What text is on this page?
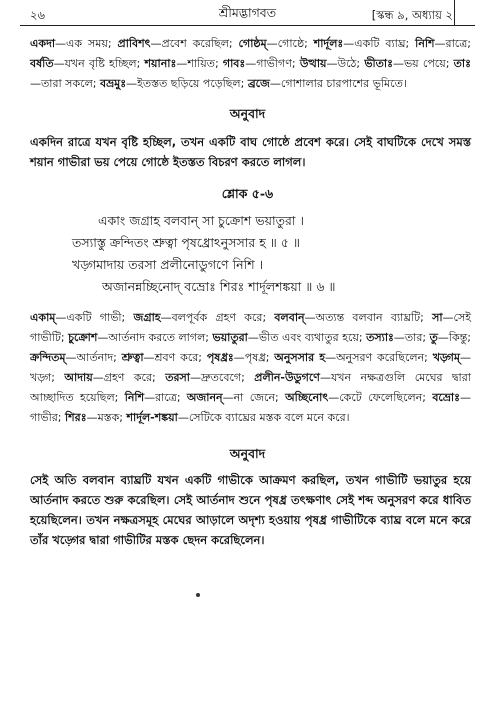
২৬	শ্রীমদ্ভাগবত	[স্কন্ধ ৯, অধ্যায় ২

একদা—এক সময়; প্রাবিশৎ—প্রবেশ করেছিল; গোষ্ঠম্—গোষ্ঠে; শার্দূলঃ—একটি ব্যাঘ্র; নিশি—রাত্রে; বর্ষতি—যখন বৃষ্টি হচ্ছিল; শয়ানাঃ—শায়িত; গাবঃ—গাভীগণ; উত্থায়—উঠে; ভীতাঃ—ভয় পেয়ে; তাঃ—তারা সকলে; বভ্রমুঃ—ইতস্তত ছড়িয়ে পড়েছিল; ব্রজে—গোশালার চারপাশের ভূমিতে।

অনুবাদ

একদিন রাত্রে যখন বৃষ্টি হচ্ছিল, তখন একটি বাঘ গোষ্ঠে প্রবেশ করে। সেই বাঘটিকে দেখে সমস্ত শয়ান গাভীরা ভয় পেয়ে গোষ্ঠে ইতস্তত বিচরণ করতে লাগল।

শ্লোক ৫-৬
একাং জগ্রাহ বলবান্ সা চুক্রোশ ভয়াতুরা ।
তস্যাস্তু ক্রন্দিতং শ্রুত্বা পৃষধ্রোঽনুসসার হ ॥ ৫ ॥
খড়্গমাদায় তরসা প্রলীনোডুগণে নিশি ।
অজানন্নচ্ছিনোদ্ বভ্রোঃ শিরঃ শার্দূলশঙ্কয়া ॥ ৬ ॥

একাম্—একটি গাভী; জগ্রাহ—বলপূর্বক গ্রহণ করে; বলবান্—অত্যন্ত বলবান ব্যাঘ্রটি; সা—সেই গাভীটি; চুক্রোশ—আর্তনাদ করতে লাগল; ভয়াতুরা—ভীত এবং ব্যথাতুর হয়ে; তস্যাঃ—তার; তু—কিন্তু; ক্রন্দিতম্—আর্তনাদ; শ্রুত্বা—শ্রবণ করে; পৃষধ্রঃ—পৃষধ্র; অনুসসার হ—অনুসরণ করেছিলেন; খড়্গম্—খড়্গ; আদায়—গ্রহণ করে; তরসা—দ্রুতবেগে; প্রলীন-উডুগণে—যখন নক্ষত্রগুলি মেঘের দ্বারা আচ্ছাদিত হয়েছিল; নিশি—রাত্রে; অজানন্—না জেনে; অচ্ছিনোৎ—কেটে ফেলেছিলেন; বভ্রোঃ—গাভীর; শিরঃ—মস্তক; শার্দূল-শঙ্কয়া—সেটিকে ব্যাঘ্রের মস্তক বলে মনে করে।

অনুবাদ

সেই অতি বলবান ব্যাঘ্রটি যখন একটি গাভীকে আক্রমণ করছিল, তখন গাভীটি ভয়াতুর হয়ে আর্তনাদ করতে শুরু করেছিল। সেই আর্তনাদ শুনে পৃষধ্র তৎক্ষণাৎ সেই শব্দ অনুসরণ করে ধাবিত হয়েছিলেন। তখন নক্ষত্রসমূহ মেঘের আড়ালে অদৃশ্য হওয়ায় পৃষধ্র গাভীটিকে ব্যাঘ্র বলে মনে করে তাঁর খড়্গের দ্বারা গাভীটির মস্তক ছেদন করেছিলেন।
